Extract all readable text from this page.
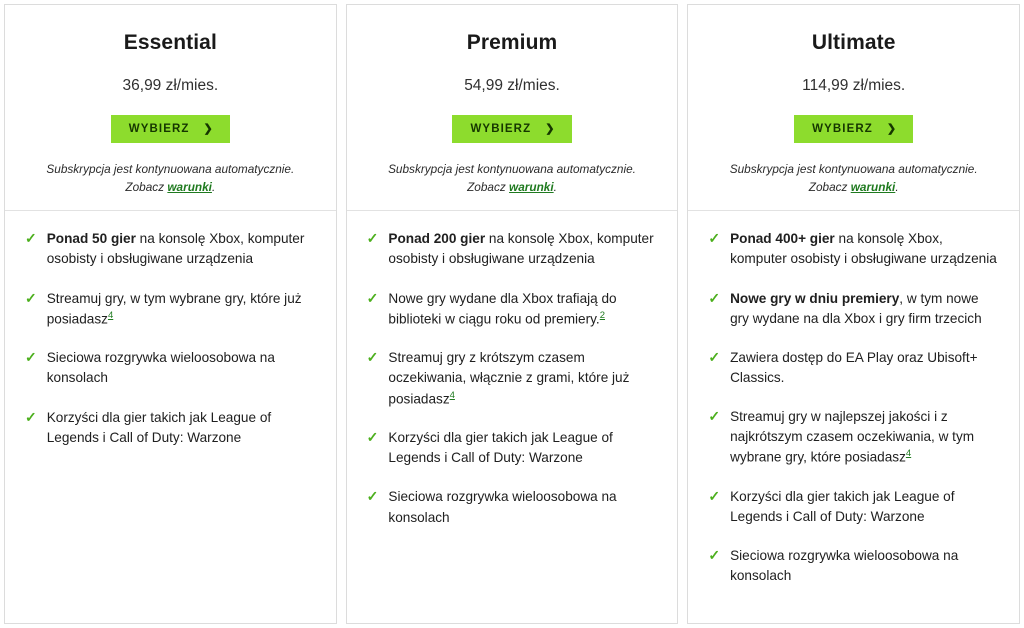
Essential
36,99 zł/mies.
WYBIERZ ❯
Subskrypcja jest kontynuowana automatycznie.
Zobacz warunki.
✓ Ponad 50 gier na konsolę Xbox, komputer osobisty i obsługiwane urządzenia
✓ Streamuj gry, w tym wybrane gry, które już posiadasz$^4$
✓ Sieciowa rozgrywka wieloosobowa na konsolach
✓ Korzyści dla gier takich jak League of Legends i Call of Duty: Warzone
Premium
54,99 zł/mies.
WYBIERZ ❯
Subskrypcja jest kontynuowana automatycznie.
Zobacz warunki.
✓ Ponad 200 gier na konsolę Xbox, komputer osobisty i obsługiwane urządzenia
✓ Nowe gry wydane dla Xbox trafiają do biblioteki w ciągu roku od premiery.$^2$
✓ Streamuj gry z krótszym czasem oczekiwania, włącznie z grami, które już posiadasz$^4$
✓ Korzyści dla gier takich jak League of Legends i Call of Duty: Warzone
✓ Sieciowa rozgrywka wieloosobowa na konsolach
Ultimate
114,99 zł/mies.
WYBIERZ ❯
Subskrypcja jest kontynuowana automatycznie.
Zobacz warunki.
✓ Ponad 400+ gier na konsolę Xbox, komputer osobisty i obsługiwane urządzenia
✓ Nowe gry w dniu premiery, w tym nowe gry wydane na dla Xbox i gry firm trzecich
✓ Zawiera dostęp do EA Play oraz Ubisoft+ Classics.
✓ Streamuj gry w najlepszej jakości i z najkrótszym czasem oczekiwania, w tym wybrane gry, które posiadasz$^4$
✓ Korzyści dla gier takich jak League of Legends i Call of Duty: Warzone
✓ Sieciowa rozgrywka wieloosobowa na konsolach
